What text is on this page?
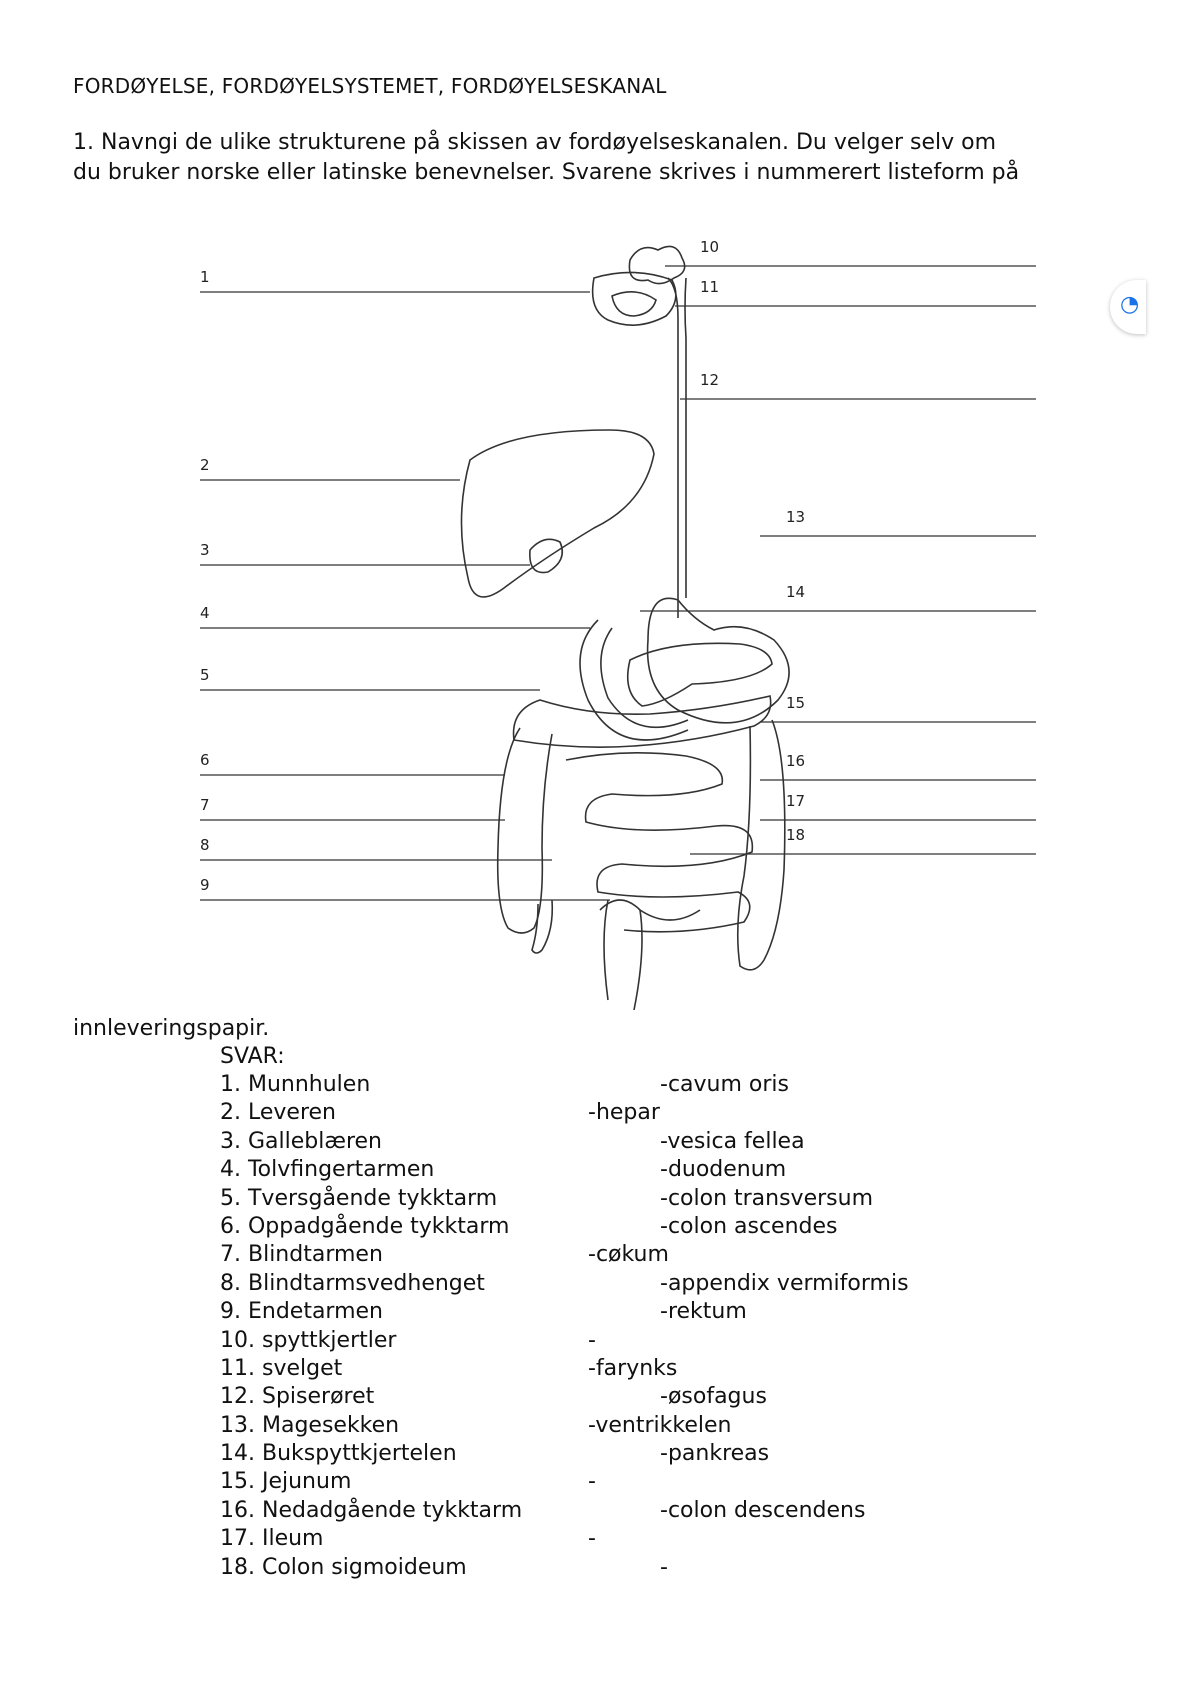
FORDØYELSE, FORDØYELSYSTEMET, FORDØYELSESKANAL
1. Navngi de ulike strukturene på skissen av fordøyelseskanalen. Du velger selv om
du bruker norske eller latinske benevnelser. Svarene skrives i nummerert listeform på
1
2
3
4
5
6
7
8
9
10
11
12
13
14
15
16
17
18
◔
innleveringspapir.
SVAR:
1. Munnhulen	-cavum oris
2. Leveren	-hepar
3. Galleblæren	-vesica fellea
4. Tolvfingertarmen	-duodenum
5. Tversgående tykktarm	-colon transversum
6. Oppadgående tykktarm	-colon ascendes
7. Blindtarmen	-cøkum
8. Blindtarmsvedhenget	-appendix vermiformis
9. Endetarmen	-rektum
10. spyttkjertler	-
11. svelget	-farynks
12. Spiserøret	-øsofagus
13. Magesekken	-ventrikkelen
14. Bukspyttkjertelen	-pankreas
15. Jejunum	-
16. Nedadgående tykktarm	-colon descendens
17. Ileum	-
18. Colon sigmoideum	-
